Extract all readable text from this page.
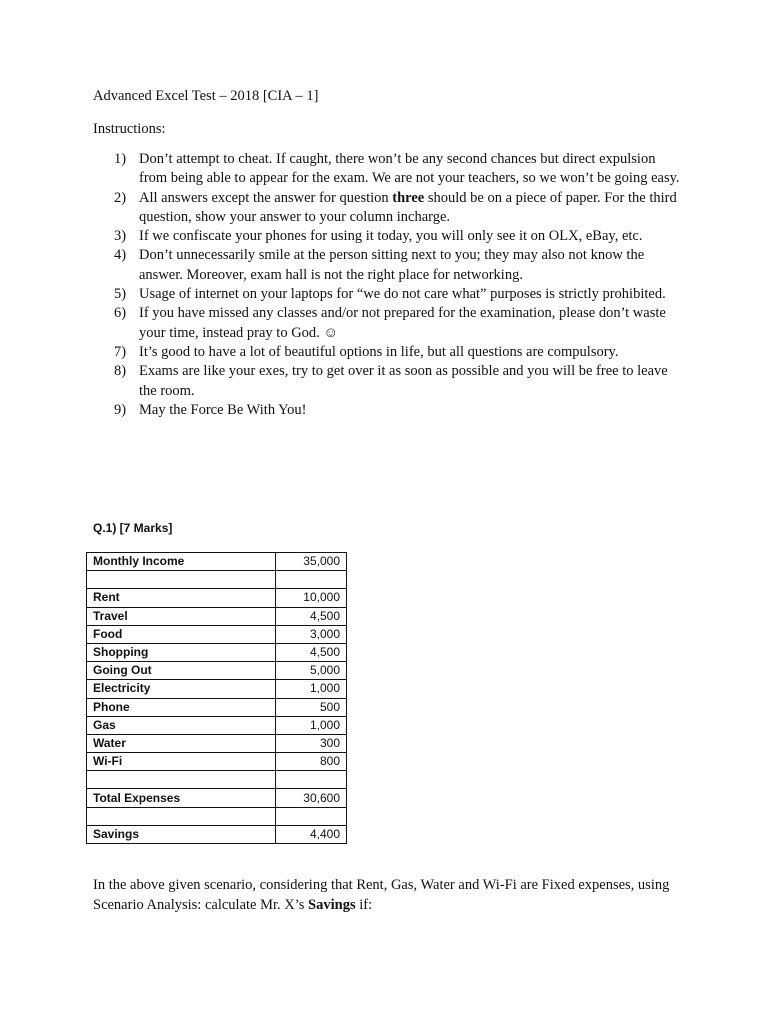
Advanced Excel Test – 2018 [CIA – 1]
Instructions:
1) Don’t attempt to cheat. If caught, there won’t be any second chances but direct expulsion from being able to appear for the exam. We are not your teachers, so we won’t be going easy.
2) All answers except the answer for question three should be on a piece of paper. For the third question, show your answer to your column incharge.
3) If we confiscate your phones for using it today, you will only see it on OLX, eBay, etc.
4) Don’t unnecessarily smile at the person sitting next to you; they may also not know the answer. Moreover, exam hall is not the right place for networking.
5) Usage of internet on your laptops for “we do not care what” purposes is strictly prohibited.
6) If you have missed any classes and/or not prepared for the examination, please don’t waste your time, instead pray to God. ☺
7) It’s good to have a lot of beautiful options in life, but all questions are compulsory.
8) Exams are like your exes, try to get over it as soon as possible and you will be free to leave the room.
9) May the Force Be With You!
Q.1) [7 Marks]
Monthly Income	35,000

Rent	10,000
Travel	4,500
Food	3,000
Shopping	4,500
Going Out	5,000
Electricity	1,000
Phone	500
Gas	1,000
Water	300
Wi-Fi	800

Total Expenses	30,600

Savings	4,400
In the above given scenario, considering that Rent, Gas, Water and Wi-Fi are Fixed expenses, using Scenario Analysis: calculate Mr. X’s Savings if:
